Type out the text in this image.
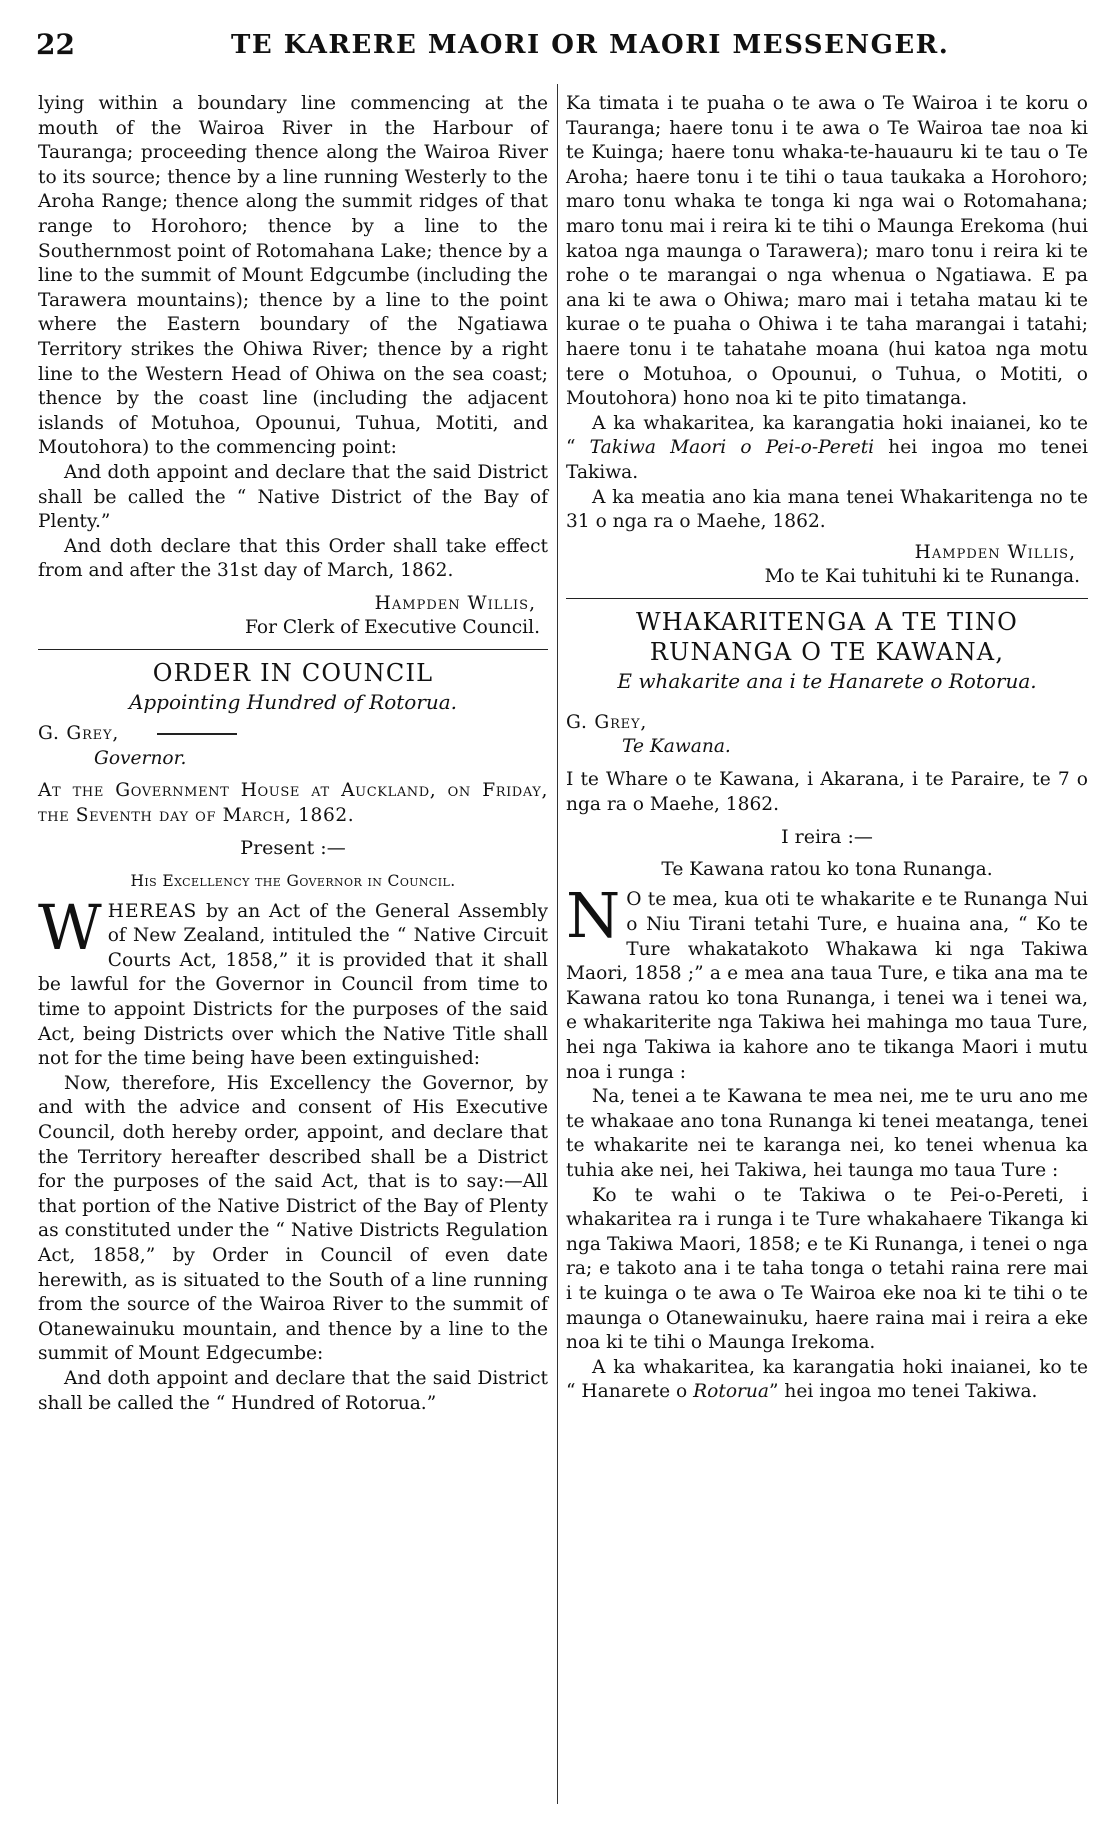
22	TE KARERE MAORI OR MAORI MESSENGER.

lying within a boundary line commencing at the mouth of the Wairoa River in the Harbour of Tauranga; proceeding thence along the Wairoa River to its source; thence by a line running Westerly to the Aroha Range; thence along the summit ridges of that range to Horohoro; thence by a line to the Southernmost point of Rotomahana Lake; thence by a line to the summit of Mount Edgcumbe (including the Tarawera mountains); thence by a line to the point where the Eastern boundary of the Ngatiawa Territory strikes the Ohiwa River; thence by a right line to the Western Head of Ohiwa on the sea coast; thence by the coast line (including the adjacent islands of Motuhoa, Opounui, Tuhua, Motiti, and Moutohora) to the commencing point:

And doth appoint and declare that the said District shall be called the “ Native District of the Bay of Plenty.”

And doth declare that this Order shall take effect from and after the 31st day of March, 1862.

Hampden Willis,

For Clerk of Executive Council.

ORDER IN COUNCIL
Appointing Hundred of Rotorua.
G. Grey,
Governor.

At the Government House at Auckland, on Friday, the Seventh day of March, 1862.

Present :—

His Excellency the Governor in Council.

WHEREAS by an Act of the General Assembly of New Zealand, intituled the “ Native Circuit Courts Act, 1858,” it is provided that it shall be lawful for the Governor in Council from time to time to appoint Districts for the purposes of the said Act, being Districts over which the Native Title shall not for the time being have been extinguished:

Now, therefore, His Excellency the Governor, by and with the advice and consent of His Executive Council, doth hereby order, appoint, and declare that the Territory hereafter described shall be a District for the purposes of the said Act, that is to say:—All that portion of the Native District of the Bay of Plenty as constituted under the “ Native Districts Regulation Act, 1858,” by Order in Council of even date herewith, as is situated to the South of a line running from the source of the Wairoa River to the summit of Otanewainuku mountain, and thence by a line to the summit of Mount Edgecumbe:

And doth appoint and declare that the said District shall be called the “ Hundred of Rotorua.”

Ka timata i te puaha o te awa o Te Wairoa i te koru o Tauranga; haere tonu i te awa o Te Wairoa tae noa ki te Kuinga; haere tonu whaka-te-hauauru ki te tau o Te Aroha; haere tonu i te tihi o taua taukaka a Horohoro; maro tonu whaka te tonga ki nga wai o Rotomahana; maro tonu mai i reira ki te tihi o Maunga Erekoma (hui katoa nga maunga o Tarawera); maro tonu i reira ki te rohe o te marangai o nga whenua o Ngatiawa. E pa ana ki te awa o Ohiwa; maro mai i tetaha matau ki te kurae o te puaha o Ohiwa i te taha marangai i tatahi; haere tonu i te tahatahe moana (hui katoa nga motu tere o Motuhoa, o Opounui, o Tuhua, o Motiti, o Moutohora) hono noa ki te pito timatanga.

A ka whakaritea, ka karangatia hoki inaianei, ko te “ Takiwa Maori o Pei-o-Pereti hei ingoa mo tenei Takiwa.

A ka meatia ano kia mana tenei Whakaritenga no te 31 o nga ra o Maehe, 1862.

Hampden Willis,

Mo te Kai tuhituhi ki te Runanga.

WHAKARITENGA A TE TINO RUNANGA O TE KAWANA,
E whakarite ana i te Hanarete o Rotorua.
G. Grey,
Te Kawana.

I te Whare o te Kawana, i Akarana, i te Paraire, te 7 o nga ra o Maehe, 1862.

I reira :—

Te Kawana ratou ko tona Runanga.

N O te mea, kua oti te whakarite e te Runanga Nui o Niu Tirani tetahi Ture, e huaina ana, “ Ko te Ture whakatakoto Whakawa ki nga Takiwa Maori, 1858 ;” a e mea ana taua Ture, e tika ana ma te Kawana ratou ko tona Runanga, i tenei wa i tenei wa, e whakariterite nga Takiwa hei mahinga mo taua Ture, hei nga Takiwa ia kahore ano te tikanga Maori i mutu noa i runga :

Na, tenei a te Kawana te mea nei, me te uru ano me te whakaae ano tona Runanga ki tenei meatanga, tenei te whakarite nei te karanga nei, ko tenei whenua ka tuhia ake nei, hei Takiwa, hei taunga mo taua Ture :

Ko te wahi o te Takiwa o te Pei-o-Pereti, i whakaritea ra i runga i te Ture whakahaere Tikanga ki nga Takiwa Maori, 1858; e te Ki Runanga, i tenei o nga ra; e takoto ana i te taha tonga o tetahi raina rere mai i te kuinga o te awa o Te Wairoa eke noa ki te tihi o te maunga o Otanewainuku, haere raina mai i reira a eke noa ki te tihi o Maunga Irekoma.

A ka whakaritea, ka karangatia hoki inaianei, ko te “ Hanarete o Rotorua” hei ingoa mo tenei Takiwa.
